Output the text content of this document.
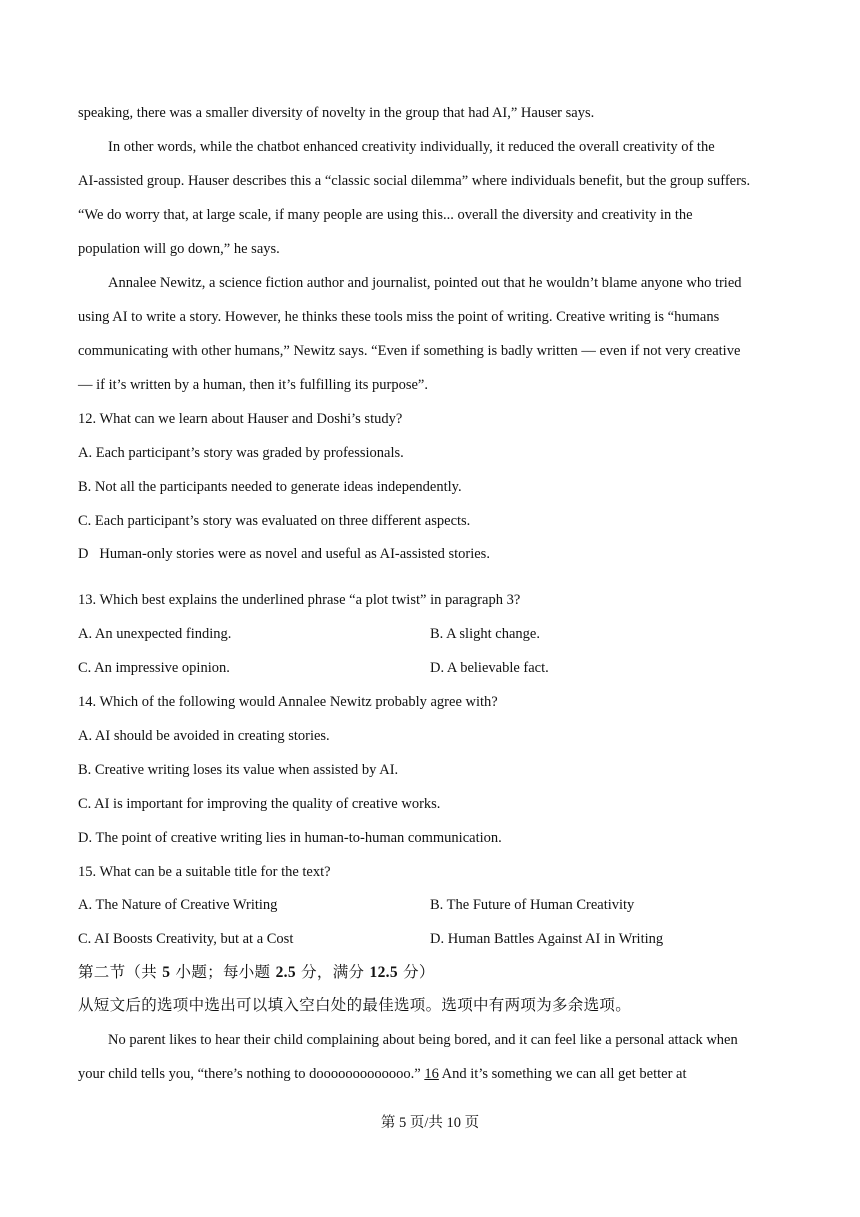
speaking, there was a smaller diversity of novelty in the group that had AI,” Hauser says.
In other words, while the chatbot enhanced creativity individually, it reduced the overall creativity of the
AI-assisted group. Hauser describes this a “classic social dilemma” where individuals benefit, but the group suffers.
“We do worry that, at large scale, if many people are using this... overall the diversity and creativity in the
population will go down,” he says.
Annalee Newitz, a science fiction author and journalist, pointed out that he wouldn’t blame anyone who tried
using AI to write a story. However, he thinks these tools miss the point of writing. Creative writing is “humans
communicating with other humans,” Newitz says. “Even if something is badly written — even if not very creative
— if it’s written by a human, then it’s fulfilling its purpose”.
12. What can we learn about Hauser and Doshi’s study?
A. Each participant’s story was graded by professionals.
B. Not all the participants needed to generate ideas independently.
C. Each participant’s story was evaluated on three different aspects.
D   Human-only stories were as novel and useful as AI-assisted stories.
13. Which best explains the underlined phrase “a plot twist” in paragraph 3?
A. An unexpected finding.	B. A slight change.
C. An impressive opinion.	D. A believable fact.
14. Which of the following would Annalee Newitz probably agree with?
A. AI should be avoided in creating stories.
B. Creative writing loses its value when assisted by AI.
C. AI is important for improving the quality of creative works.
D. The point of creative writing lies in human-to-human communication.
15. What can be a suitable title for the text?
A. The Nature of Creative Writing	B. The Future of Human Creativity
C. AI Boosts Creativity, but at a Cost	D. Human Battles Against AI in Writing
第二节（共 5 小题；每小题 2.5 分，满分 12.5 分）
从短文后的选项中选出可以填入空白处的最佳选项。选项中有两项为多余选项。
No parent likes to hear their child complaining about being bored, and it can feel like a personal attack when
your child tells you, “there’s nothing to dooooooooooooo.” 16 And it’s something we can all get better at
第 5 页/共 10 页
